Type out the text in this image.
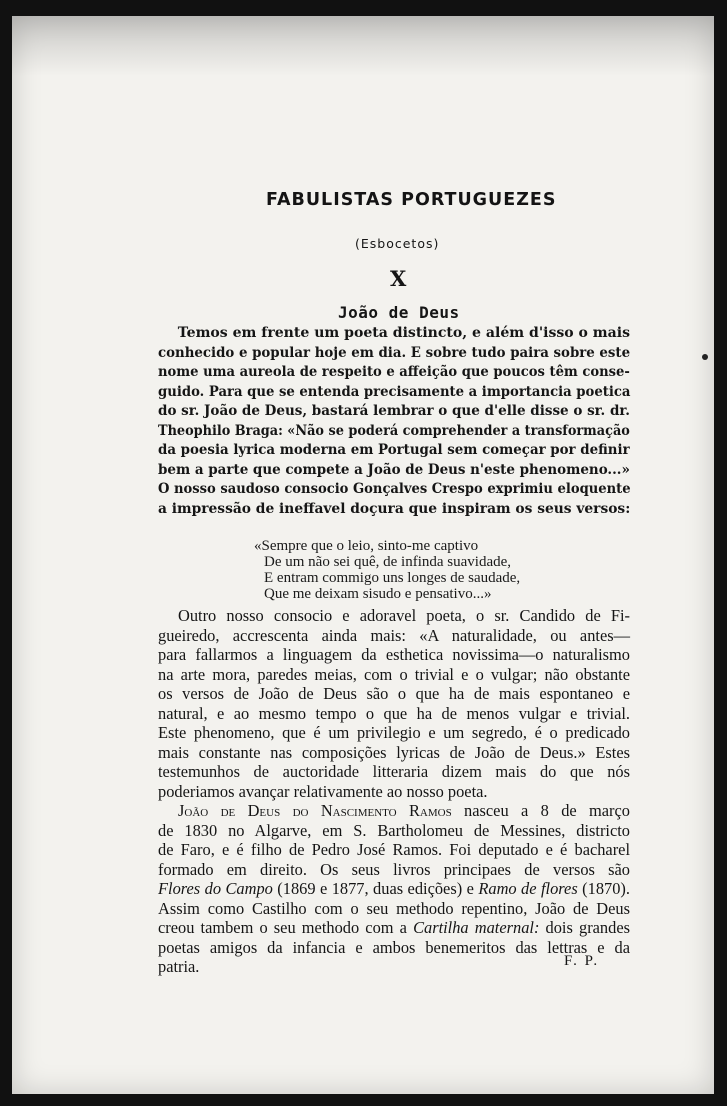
FABULISTAS PORTUGUEZES
(Esbocetos)
X
João de Deus
Temos em frente um poeta distincto, e além d'isso o mais
conhecido e popular hoje em dia. E sobre tudo paira sobre este
nome uma aureola de respeito e affeição que poucos têm conse-
guido. Para que se entenda precisamente a importancia poetica
do sr. João de Deus, bastará lembrar o que d'elle disse o sr. dr.
Theophilo Braga: «Não se poderá comprehender a transformação
da poesia lyrica moderna em Portugal sem começar por definir
bem a parte que compete a João de Deus n'este phenomeno...»
O nosso saudoso consocio Gonçalves Crespo exprimiu eloquente
a impressão de ineffavel doçura que inspiram os seus versos:
«Sempre que o leio, sinto-me captivo
De um não sei quê, de infinda suavidade,
E entram commigo uns longes de saudade,
Que me deixam sisudo e pensativo...»
Outro nosso consocio e adoravel poeta, o sr. Candido de Fi-
gueiredo, accrescenta ainda mais: «A naturalidade, ou antes—
para fallarmos a linguagem da esthetica novissima—o naturalismo
na arte mora, paredes meias, com o trivial e o vulgar; não obstante
os versos de João de Deus são o que ha de mais espontaneo e
natural, e ao mesmo tempo o que ha de menos vulgar e trivial.
Este phenomeno, que é um privilegio e um segredo, é o predicado
mais constante nas composições lyricas de João de Deus.» Estes
testemunhos de auctoridade litteraria dizem mais do que nós
poderiamos avançar relativamente ao nosso poeta.
João de Deus do Nascimento Ramos nasceu a 8 de março
de 1830 no Algarve, em S. Bartholomeu de Messines, districto
de Faro, e é filho de Pedro José Ramos. Foi deputado e é bacharel
formado em direito. Os seus livros principaes de versos são
Flores do Campo (1869 e 1877, duas edições) e Ramo de flores (1870).
Assim como Castilho com o seu methodo repentino, João de Deus
creou tambem o seu methodo com a Cartilha maternal: dois grandes
poetas amigos da infancia e ambos benemeritos das lettras e da
patria.	F. P.
